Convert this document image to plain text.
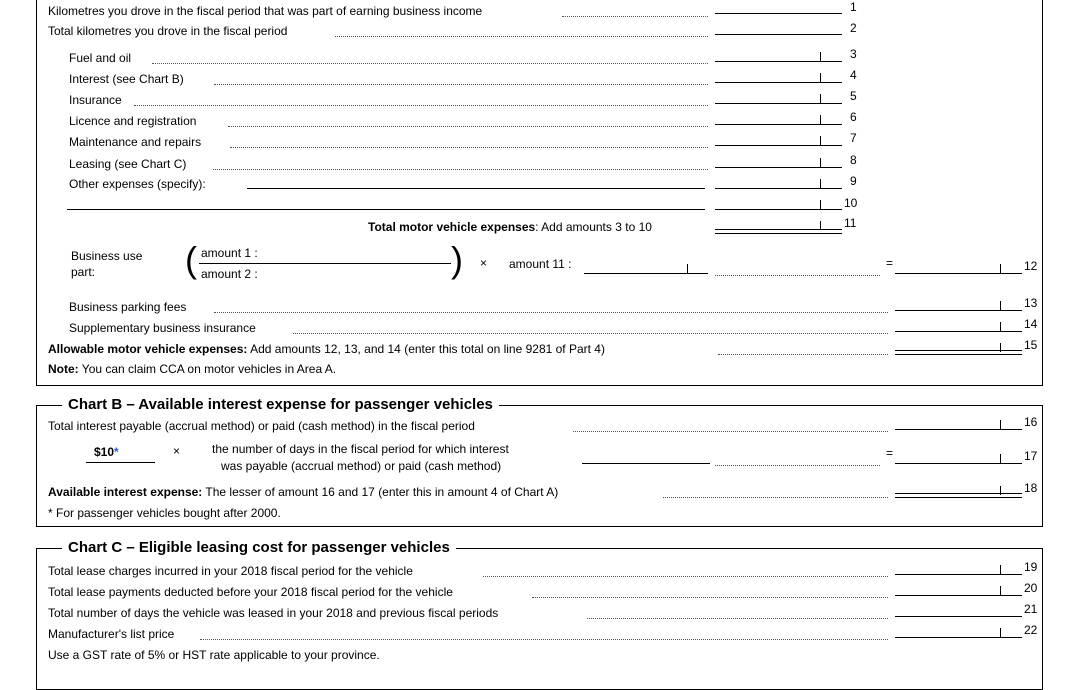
Kilometres you drove in the fiscal period that was part of earning business income	1
Total kilometres you drove in the fiscal period	2
Fuel and oil	3
Interest (see Chart B)	4
Insurance	5
Licence and registration	6
Maintenance and repairs	7
Leasing (see Chart C)	8
Other expenses (specify):	9
10
Total motor vehicle expenses: Add amounts 3 to 10	11
Business use
part:	( amount 1 :
amount 2 :	) × amount 11 :	=	12
Business parking fees	13
Supplementary business insurance	14
Allowable motor vehicle expenses: Add amounts 12, 13, and 14 (enter this total on line 9281 of Part 4)	15
Note: You can claim CCA on motor vehicles in Area A.
Chart B – Available interest expense for passenger vehicles
Total interest payable (accrual method) or paid (cash method) in the fiscal period	16
$10*	×	the number of days in the fiscal period for which interest
was payable (accrual method) or paid (cash method)
=	17
Available interest expense: The lesser of amount 16 and 17 (enter this in amount 4 of Chart A)	18
* For passenger vehicles bought after 2000.
Chart C – Eligible leasing cost for passenger vehicles
Total lease charges incurred in your 2018 fiscal period for the vehicle	19
Total lease payments deducted before your 2018 fiscal period for the vehicle	20
Total number of days the vehicle was leased in your 2018 and previous fiscal periods	21
Manufacturer's list price	22
Use a GST rate of 5% or HST rate applicable to your province.
